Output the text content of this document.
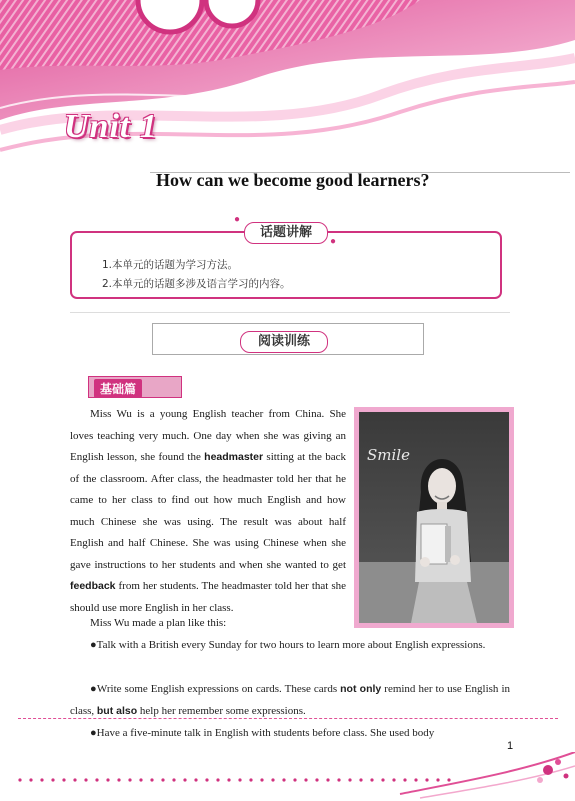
Unit 1
How can we become good learners?
1.本单元的话题为学习方法。
2.本单元的话题多涉及语言学习的内容。
●
话题讲解
●
阅读训练
基础篇
Miss Wu is a young English teacher from China. She loves teaching very much. One day when she was giving an English lesson, she found the headmaster sitting at the back of the classroom. After class, the headmaster told her that he came to her class to find out how much English and how much Chinese she was using. The result was about half English and half Chinese. She was using Chinese when she gave instructions to her students and when she wanted to get feedback from her students. The headmaster told her that she should use more English in her class.
Smile
Miss Wu made a plan like this:
●Talk with a British every Sunday for two hours to learn more about English expressions.
●Write some English expressions on cards. These cards not only remind her to use English in class, but also help her remember some expressions.
●Have a five-minute talk in English with students before class. She used body
1
